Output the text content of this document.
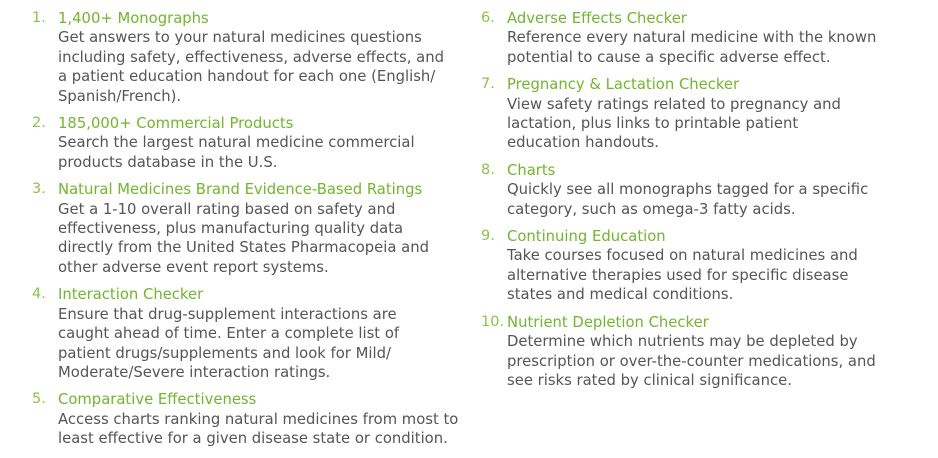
1. 1,400+ Monographs
Get answers to your natural medicines questions
including safety, effectiveness, adverse effects, and
a patient education handout for each one (English/
Spanish/French).
2. 185,000+ Commercial Products
Search the largest natural medicine commercial
products database in the U.S.
3. Natural Medicines Brand Evidence-Based Ratings
Get a 1-10 overall rating based on safety and
effectiveness, plus manufacturing quality data
directly from the United States Pharmacopeia and
other adverse event report systems.
4. Interaction Checker
Ensure that drug-supplement interactions are
caught ahead of time. Enter a complete list of
patient drugs/supplements and look for Mild/
Moderate/Severe interaction ratings.
5. Comparative Effectiveness
Access charts ranking natural medicines from most to
least effective for a given disease state or condition.
6. Adverse Effects Checker
Reference every natural medicine with the known
potential to cause a specific adverse effect.
7. Pregnancy & Lactation Checker
View safety ratings related to pregnancy and
lactation, plus links to printable patient
education handouts.
8. Charts
Quickly see all monographs tagged for a specific
category, such as omega-3 fatty acids.
9. Continuing Education
Take courses focused on natural medicines and
alternative therapies used for specific disease
states and medical conditions.
10. Nutrient Depletion Checker
Determine which nutrients may be depleted by
prescription or over-the-counter medications, and
see risks rated by clinical significance.
